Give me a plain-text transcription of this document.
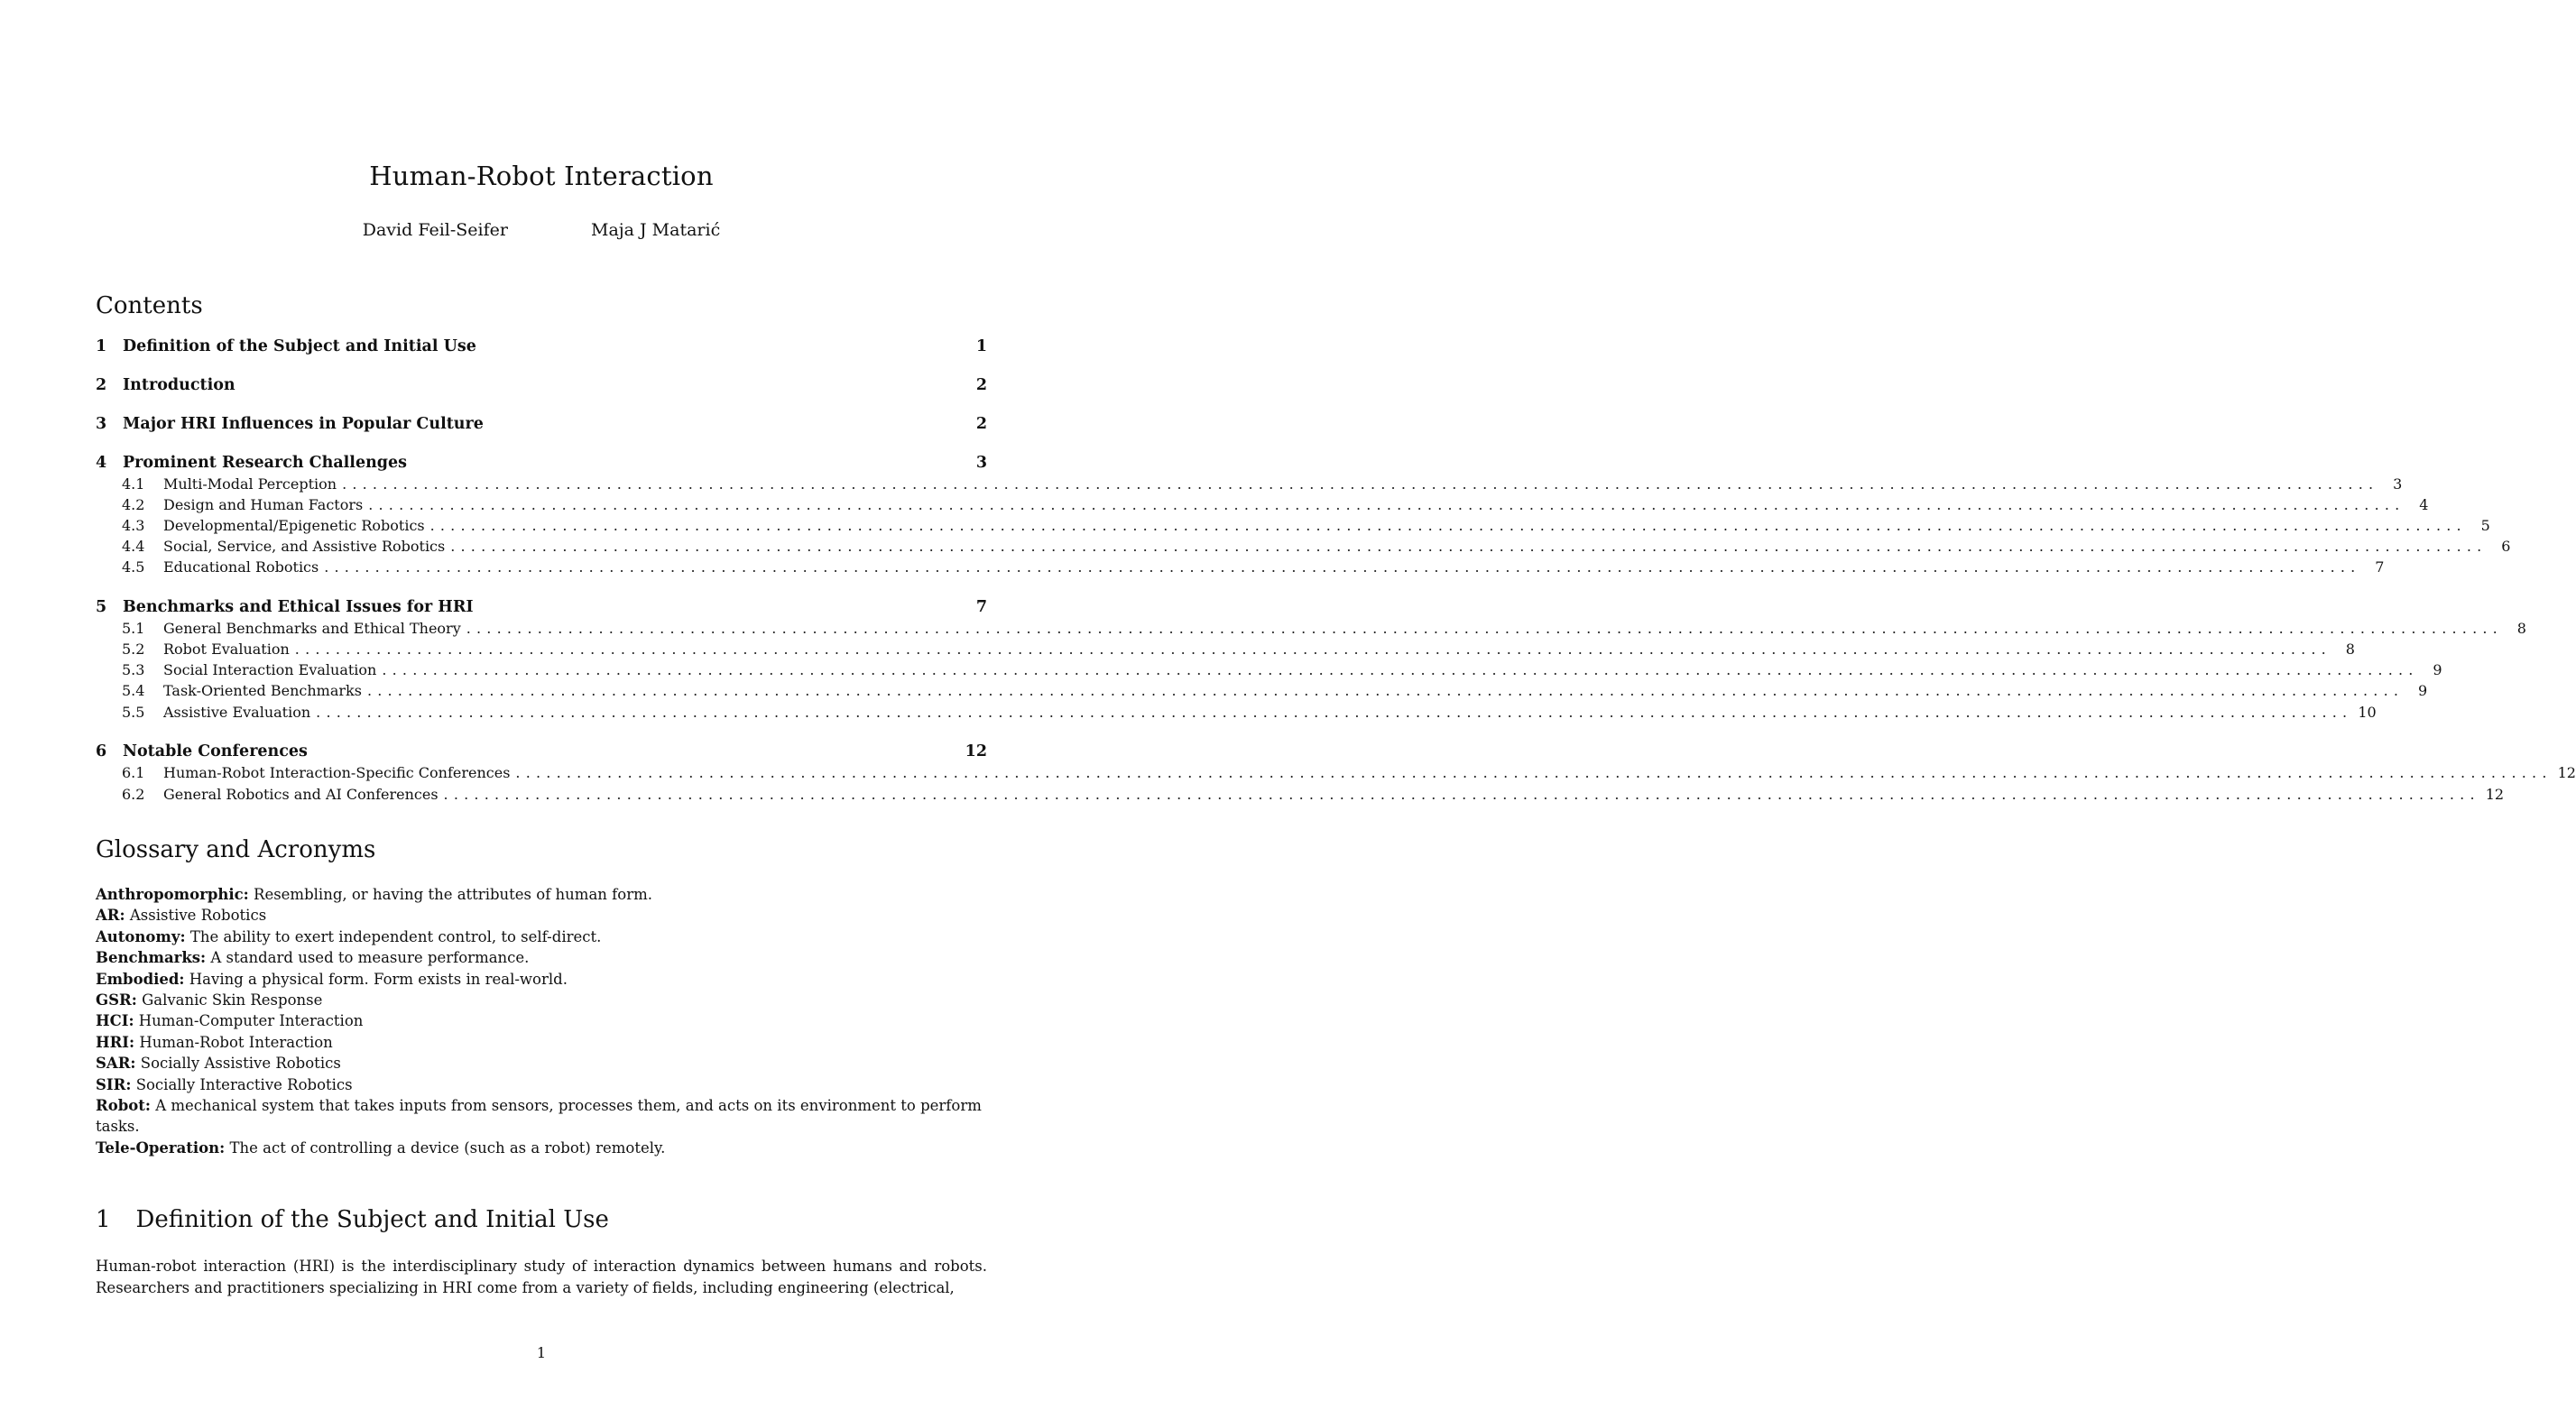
Human-Robot Interaction
David Feil-Seifer	Maja J Matarić
Contents
Glossary and Acronyms

Anthropomorphic: Resembling, or having the attributes of human form.

AR: Assistive Robotics

Autonomy: The ability to exert independent control, to self-direct.

Benchmarks: A standard used to measure performance.

Embodied: Having a physical form. Form exists in real-world.

GSR: Galvanic Skin Response

HCI: Human-Computer Interaction

HRI: Human-Robot Interaction

SAR: Socially Assistive Robotics

SIR: Socially Interactive Robotics

Robot: A mechanical system that takes inputs from sensors, processes them, and acts on its environment to perform tasks.

Tele-Operation: The act of controlling a device (such as a robot) remotely.

1 Definition of the Subject and Initial Use

Human-robot interaction (HRI) is the interdisciplinary study of interaction dynamics between humans and robots. Researchers and practitioners specializing in HRI come from a variety of fields, including engineering (electrical,

1
1	Definition of the Subject and Initial Use	1
2	Introduction	2
3	Major HRI Influences in Popular Culture	2
4	Prominent Research Challenges	3
4.1	Multi-Modal Perception ........................................................................................................................................................................................................ 3
4.2	Design and Human Factors ........................................................................................................................................................................................................ 4
4.3	Developmental/Epigenetic Robotics ........................................................................................................................................................................................................ 5
4.4	Social, Service, and Assistive Robotics ........................................................................................................................................................................................................ 6
4.5	Educational Robotics ........................................................................................................................................................................................................ 7
5	Benchmarks and Ethical Issues for HRI	7
5.1	General Benchmarks and Ethical Theory ........................................................................................................................................................................................................ 8
5.2	Robot Evaluation ........................................................................................................................................................................................................ 8
5.3	Social Interaction Evaluation ........................................................................................................................................................................................................ 9
5.4	Task-Oriented Benchmarks ........................................................................................................................................................................................................ 9
5.5	Assistive Evaluation ........................................................................................................................................................................................................ 10
6	Notable Conferences	12
6.1	Human-Robot Interaction-Specific Conferences ........................................................................................................................................................................................................ 12
6.2	General Robotics and AI Conferences ........................................................................................................................................................................................................ 12
